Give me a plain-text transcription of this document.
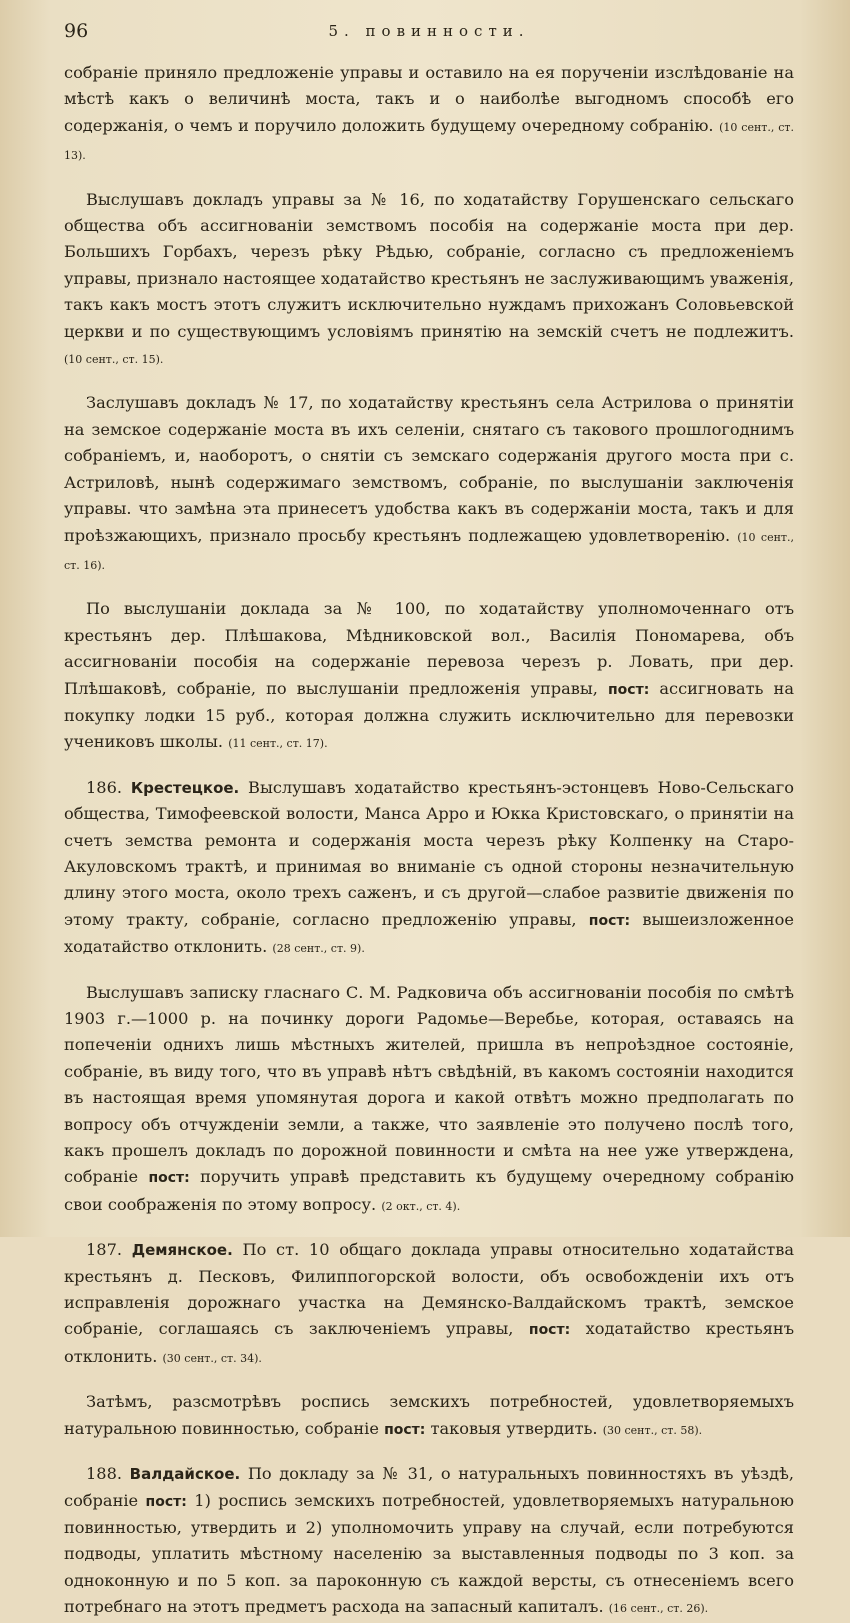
96	5. повинности.

собраніе приняло предложеніе управы и оставило на ея порученіи изслѣдованіе на мѣстѣ какъ о величинѣ моста, такъ и о наиболѣе выгодномъ способѣ его содержанія, о чемъ и поручило доложить будущему очередному собранію. (10 сент., ст. 13).

Выслушавъ докладъ управы за № 16, по ходатайству Горушенскаго сельскаго общества объ ассигнованіи земствомъ пособія на содержаніе моста при дер. Большихъ Горбахъ, черезъ рѣку Рѣдью, собраніе, согласно съ предложеніемъ управы, признало настоящее ходатайство крестьянъ не заслуживающимъ уваженія, такъ какъ мостъ этотъ служитъ исключительно нуждамъ прихожанъ Соловьевской церкви и по существующимъ условіямъ принятію на земскій счетъ не подлежитъ. (10 сент., ст. 15).

Заслушавъ докладъ № 17, по ходатайству крестьянъ села Астрилова о принятіи на земское содержаніе моста въ ихъ селеніи, снятаго съ такового прошлогоднимъ собраніемъ, и, наоборотъ, о снятіи съ земскаго содержанія другого моста при с. Астриловѣ, нынѣ содержимаго земствомъ, собраніе, по выслушаніи заключенія управы. что замѣна эта принесетъ удобства какъ въ содержаніи моста, такъ и для проѣзжающихъ, признало просьбу крестьянъ подлежащею удовлетворенію. (10 сент., ст. 16).

По выслушаніи доклада за № 100, по ходатайству уполномоченнаго отъ крестьянъ дер. Плѣшакова, Мѣдниковской вол., Василія Пономарева, объ ассигнованіи пособія на содержаніе перевоза черезъ р. Ловать, при дер. Плѣшаковѣ, собраніе, по выслушаніи предложенія управы, пост: ассигновать на покупку лодки 15 руб., которая должна служить исключительно для перевозки учениковъ школы. (11 сент., ст. 17).

186. Крестецкое. Выслушавъ ходатайство крестьянъ-эстонцевъ Ново-Сельскаго общества, Тимофеевской волости, Манса Арро и Юкка Кристовскаго, о принятіи на счетъ земства ремонта и содержанія моста черезъ рѣку Колпенку на Старо-Акуловскомъ трактѣ, и принимая во вниманіе съ одной стороны незначительную длину этого моста, около трехъ саженъ, и съ другой—слабое развитіе движенія по этому тракту, собраніе, согласно предложенію управы, пост: вышеизложенное ходатайство отклонить. (28 сент., ст. 9).

Выслушавъ записку гласнаго С. М. Радковича объ ассигнованіи пособія по смѣтѣ 1903 г.—1000 р. на починку дороги Радомье—Веребье, которая, оставаясь на попеченіи однихъ лишь мѣстныхъ жителей, пришла въ непроѣздное состояніе, собраніе, въ виду того, что въ управѣ нѣтъ свѣдѣній, въ какомъ состояніи находится въ настоящая время упомянутая дорога и какой отвѣтъ можно предполагать по вопросу объ отчужденіи земли, а также, что заявленіе это получено послѣ того, какъ прошелъ докладъ по дорожной повинности и смѣта на нее уже утверждена, собраніе пост: поручить управѣ представить къ будущему очередному собранію свои соображенія по этому вопросу. (2 окт., ст. 4).

187. Демянское. По ст. 10 общаго доклада управы относительно ходатайства крестьянъ д. Песковъ, Филиппогорской волости, объ освобожденіи ихъ отъ исправленія дорожнаго участка на Демянско-Валдайскомъ трактѣ, земское собраніе, соглашаясь съ заключеніемъ управы, пост: ходатайство крестьянъ отклонить. (30 сент., ст. 34).

Затѣмъ, разсмотрѣвъ роспись земскихъ потребностей, удовлетворяемыхъ натуральною повинностью, собраніе пост: таковыя утвердить. (30 сент., ст. 58).

188. Валдайское. По докладу за № 31, о натуральныхъ повинностяхъ въ уѣздѣ, собраніе пост: 1) роспись земскихъ потребностей, удовлетворяемыхъ натуральною повинностью, утвердить и 2) уполномочить управу на случай, если потребуются подводы, уплатить мѣстному населенію за выставленныя подводы по 3 коп. за одноконную и по 5 коп. за пароконную съ каждой версты, съ отнесеніемъ всего потребнаго на этотъ предметъ расхода на запасный капиталъ. (16 сент., ст. 26).
